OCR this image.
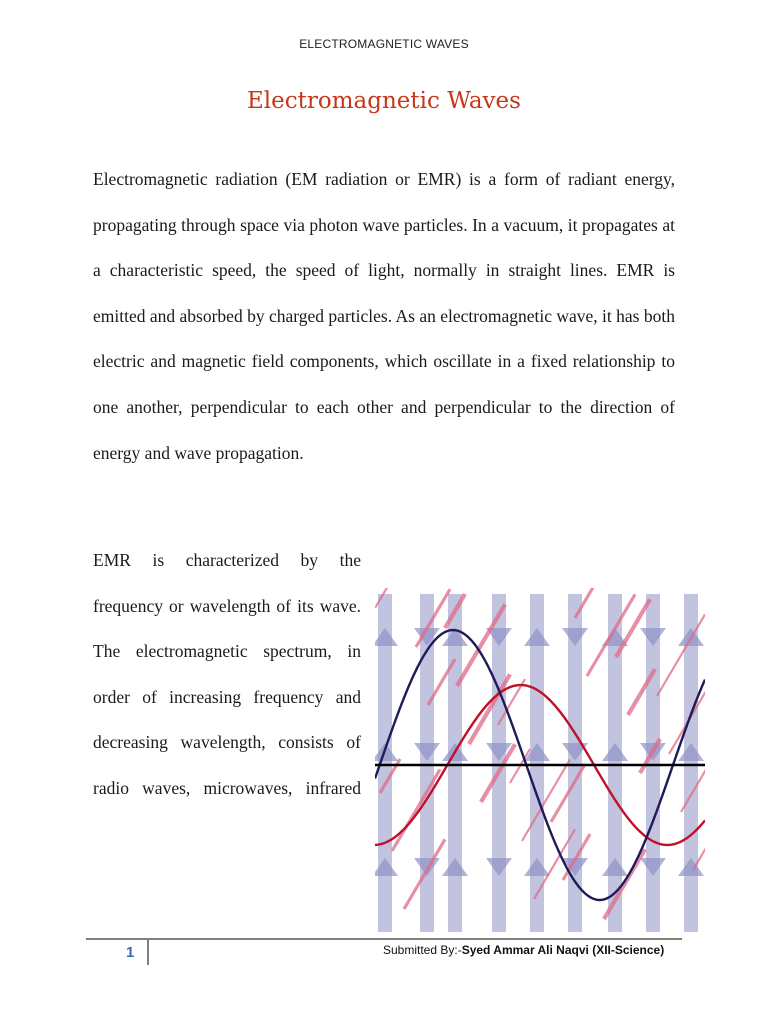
ELECTROMAGNETIC WAVES
Electromagnetic Waves

Electromagnetic radiation (EM radiation or EMR) is a form of radiant energy, propagating through space via photon wave particles. In a vacuum, it propagates at a characteristic speed, the speed of light, normally in straight lines. EMR is emitted and absorbed by charged particles. As an electromagnetic wave, it has both electric and magnetic field components, which oscillate in a fixed relationship to one another, perpendicular to each other and perpendicular to the direction of energy and wave propagation.

EMR is characterized by the frequency or wavelength of its wave. The electromagnetic spectrum, in order of increasing frequency and decreasing wavelength, consists of radio waves, microwaves, infrared

1	Submitted By:-Syed Ammar Ali Naqvi (XII-Science)
